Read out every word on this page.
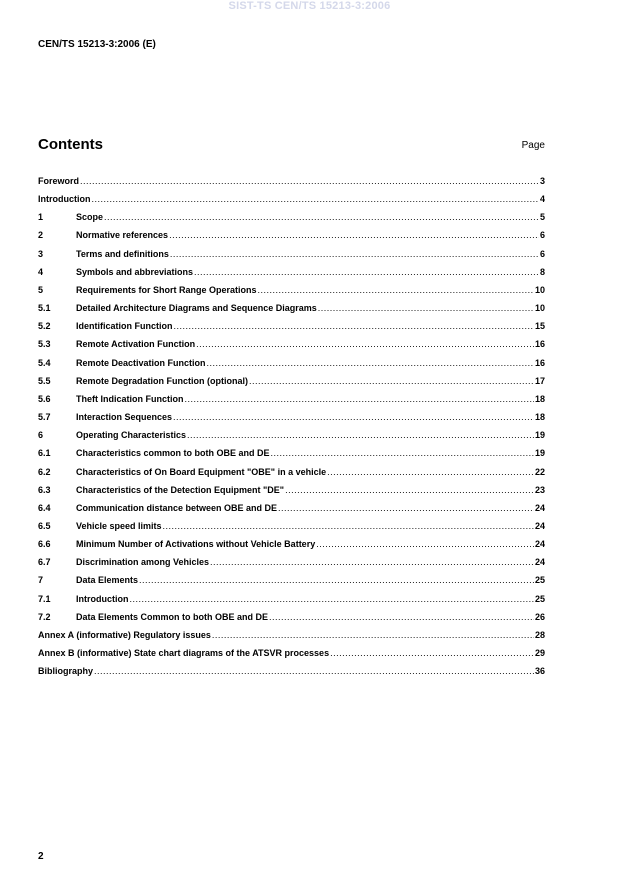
SIST-TS CEN/TS 15213-3:2006
CEN/TS 15213-3:2006 (E)
Contents	Page
Foreword .....	3
Introduction .....	4
1	Scope .....	5
2	Normative references .....	6
3	Terms and definitions .....	6
4	Symbols and abbreviations .....	8
5	Requirements for Short Range Operations .....	10
5.1	Detailed Architecture Diagrams and Sequence Diagrams .....	10
5.2	Identification Function .....	15
5.3	Remote Activation Function .....	16
5.4	Remote Deactivation Function .....	16
5.5	Remote Degradation Function (optional) .....	17
5.6	Theft Indication Function .....	18
5.7	Interaction Sequences .....	18
6	Operating Characteristics .....	19
6.1	Characteristics common to both OBE and DE .....	19
6.2	Characteristics of On Board Equipment "OBE" in a vehicle .....	22
6.3	Characteristics of the Detection Equipment "DE" .....	23
6.4	Communication distance between OBE and DE .....	24
6.5	Vehicle speed limits .....	24
6.6	Minimum Number of Activations without Vehicle Battery .....	24
6.7	Discrimination among Vehicles .....	24
7	Data Elements .....	25
7.1	Introduction .....	25
7.2	Data Elements Common to both OBE and DE .....	26
Annex A (informative) Regulatory issues .....	28
Annex B (informative) State chart diagrams of the ATSVR processes .....	29
Bibliography .....	36
2
